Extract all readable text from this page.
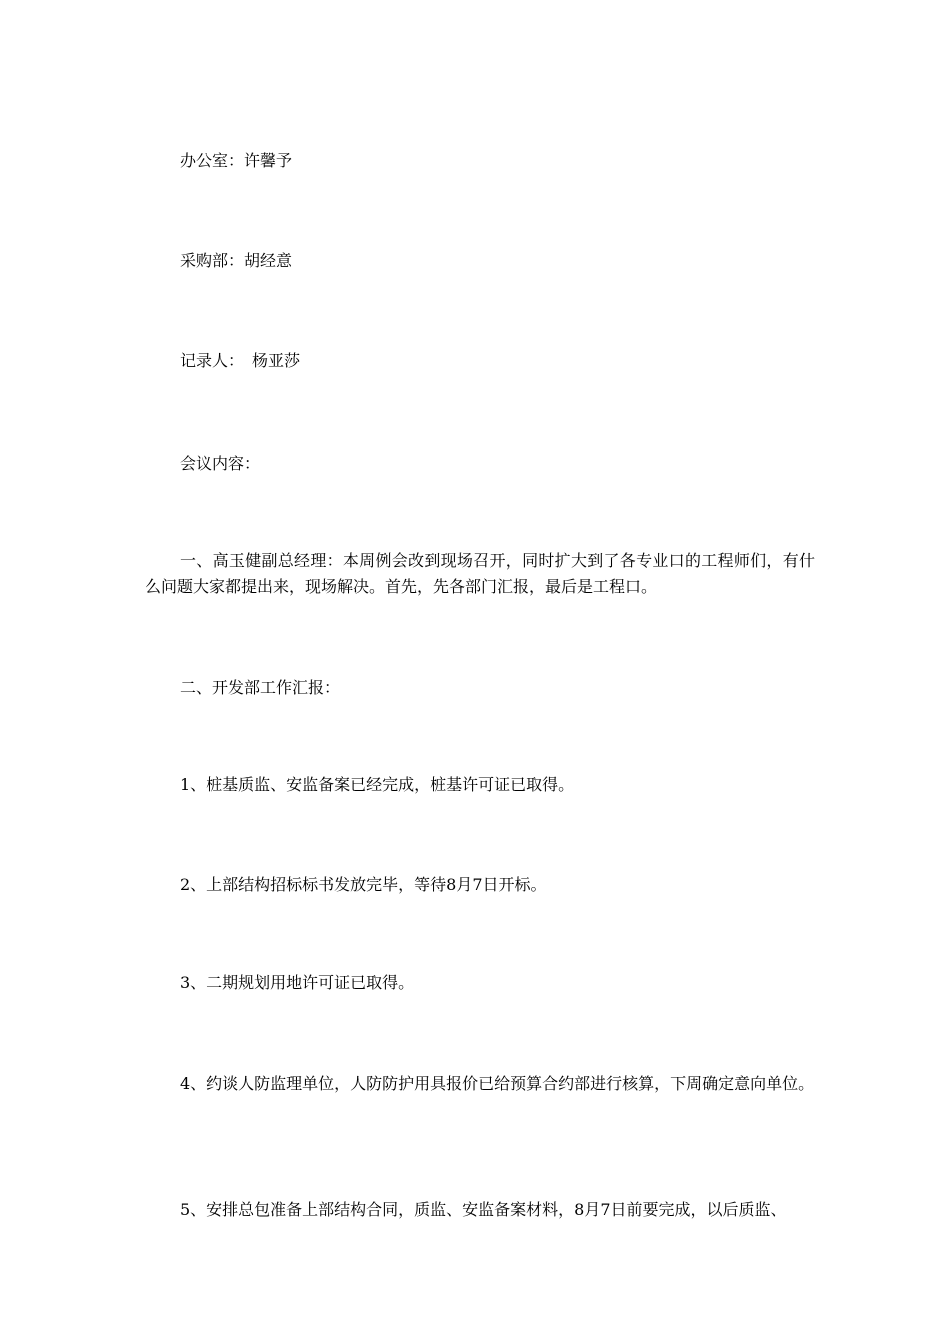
办公室：许馨予

采购部：胡经意

记录人：　杨亚莎

会议内容：

一、高玉健副总经理：本周例会改到现场召开，同时扩大到了各专业口的工程师们，有什么问题大家都提出来，现场解决。首先，先各部门汇报，最后是工程口。

二、开发部工作汇报：

1、桩基质监、安监备案已经完成，桩基许可证已取得。

2、上部结构招标标书发放完毕，等待8月7日开标。

3、二期规划用地许可证已取得。

4、约谈人防监理单位，人防防护用具报价已给预算合约部进行核算，下周确定意向单位。

5、安排总包准备上部结构合同，质监、安监备案材料，8月7日前要完成，以后质监、
